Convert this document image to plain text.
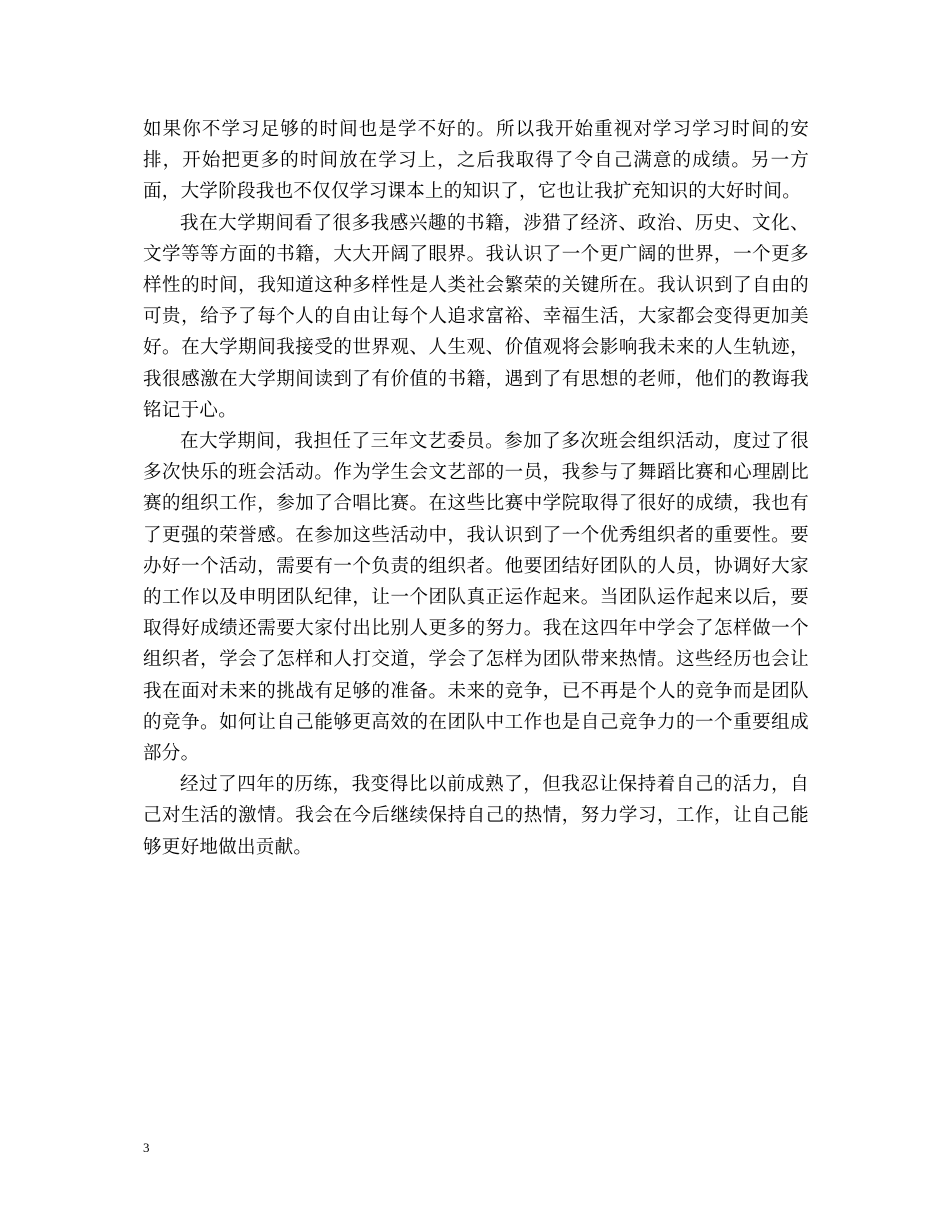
如果你不学习足够的时间也是学不好的。所以我开始重视对学习学习时间的安排，开始把更多的时间放在学习上，之后我取得了令自己满意的成绩。另一方面，大学阶段我也不仅仅学习课本上的知识了，它也让我扩充知识的大好时间。

我在大学期间看了很多我感兴趣的书籍，涉猎了经济、政治、历史、文化、文学等等方面的书籍，大大开阔了眼界。我认识了一个更广阔的世界，一个更多样性的时间，我知道这种多样性是人类社会繁荣的关键所在。我认识到了自由的可贵，给予了每个人的自由让每个人追求富裕、幸福生活，大家都会变得更加美好。在大学期间我接受的世界观、人生观、价值观将会影响我未来的人生轨迹，我很感激在大学期间读到了有价值的书籍，遇到了有思想的老师，他们的教诲我铭记于心。

在大学期间，我担任了三年文艺委员。参加了多次班会组织活动，度过了很多次快乐的班会活动。作为学生会文艺部的一员，我参与了舞蹈比赛和心理剧比赛的组织工作，参加了合唱比赛。在这些比赛中学院取得了很好的成绩，我也有了更强的荣誉感。在参加这些活动中，我认识到了一个优秀组织者的重要性。要办好一个活动，需要有一个负责的组织者。他要团结好团队的人员，协调好大家的工作以及申明团队纪律，让一个团队真正运作起来。当团队运作起来以后，要取得好成绩还需要大家付出比别人更多的努力。我在这四年中学会了怎样做一个组织者，学会了怎样和人打交道，学会了怎样为团队带来热情。这些经历也会让我在面对未来的挑战有足够的准备。未来的竞争，已不再是个人的竞争而是团队的竞争。如何让自己能够更高效的在团队中工作也是自己竞争力的一个重要组成部分。

经过了四年的历练，我变得比以前成熟了，但我忍让保持着自己的活力，自己对生活的激情。我会在今后继续保持自己的热情，努力学习，工作，让自己能够更好地做出贡献。

3
